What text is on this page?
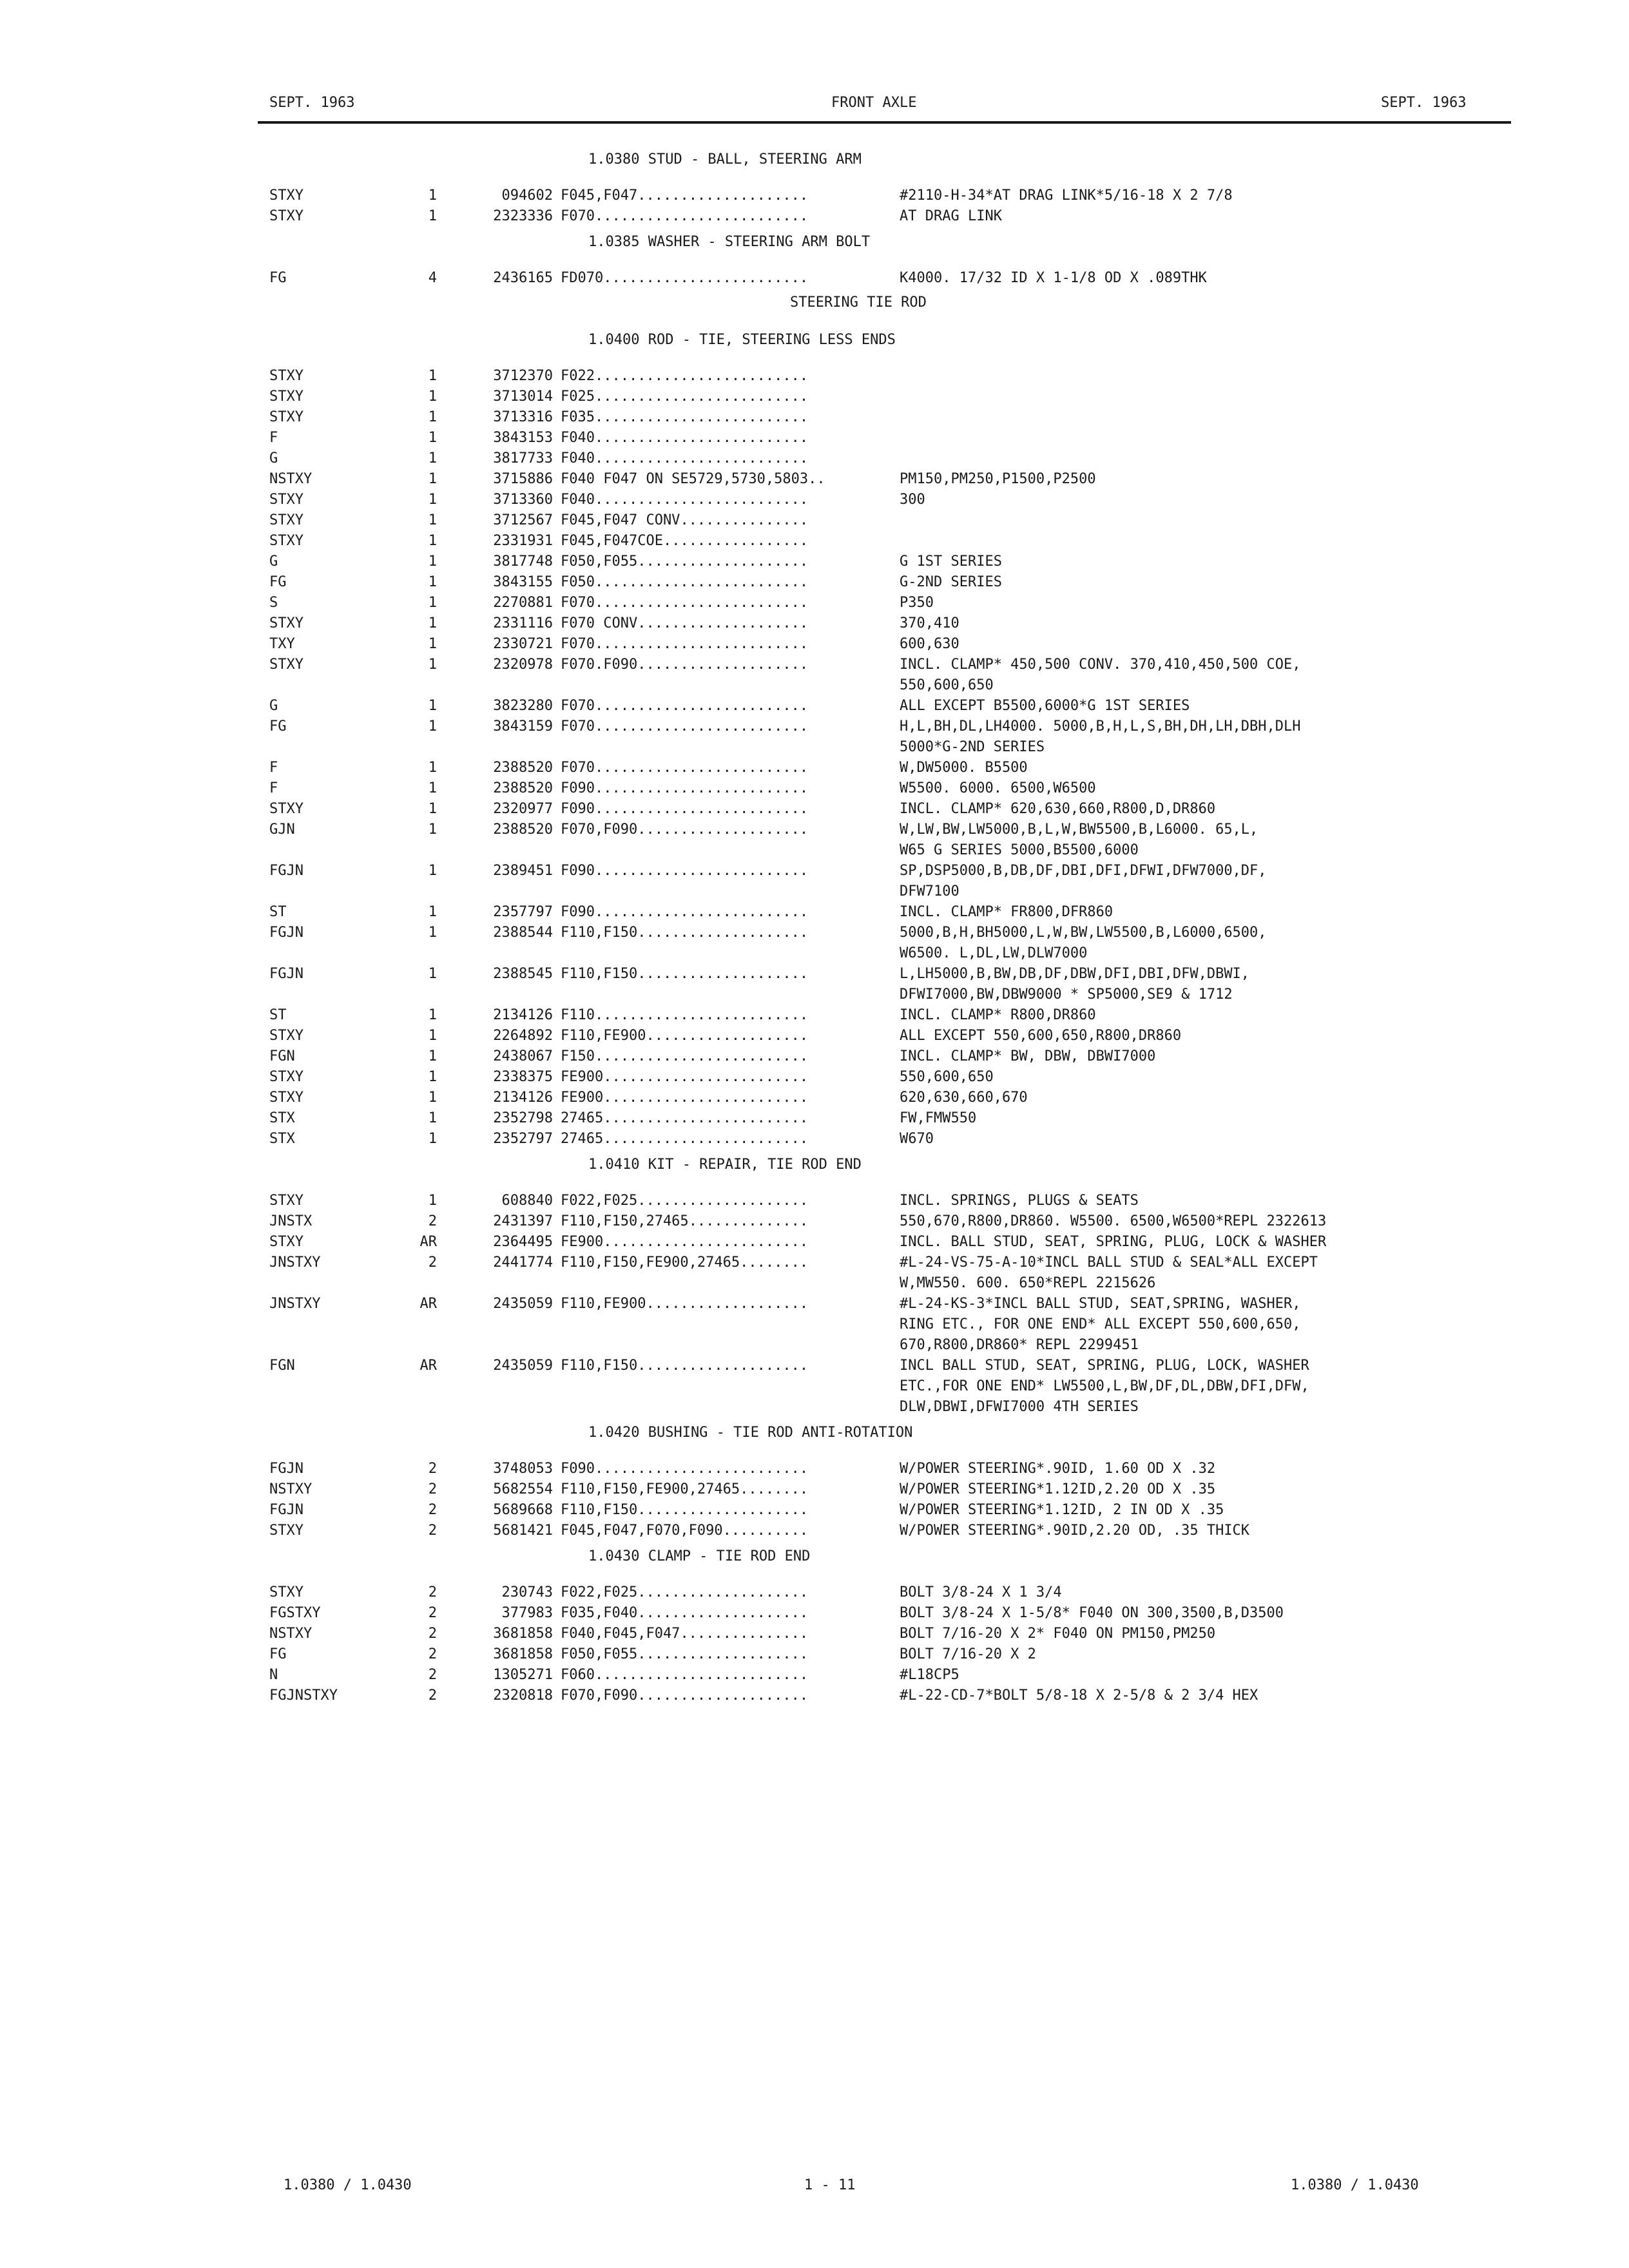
SEPT. 1963	FRONT AXLE	SEPT. 1963
1.0380 STUD - BALL, STEERING ARM
STXY	1	094602 F045,F047....................	#2110-H-34*AT DRAG LINK*5/16-18 X 2 7/8
STXY	1	2323336 F070.........................	AT DRAG LINK
1.0385 WASHER - STEERING ARM BOLT
FG	4	2436165 FD070........................	K4000. 17/32 ID X 1-1/8 OD X .089THK
STEERING TIE ROD
1.0400 ROD - TIE, STEERING LESS ENDS
STXY	1	3712370 F022.........................
STXY	1	3713014 F025.........................
STXY	1	3713316 F035.........................
F	1	3843153 F040.........................
G	1	3817733 F040.........................
NSTXY	1	3715886 F040 F047 ON SE5729,5730,5803..	PM150,PM250,P1500,P2500
STXY	1	3713360 F040.........................	300
STXY	1	3712567 F045,F047 CONV...............
STXY	1	2331931 F045,F047COE.................
G	1	3817748 F050,F055....................	G 1ST SERIES
FG	1	3843155 F050.........................	G-2ND SERIES
S	1	2270881 F070.........................	P350
STXY	1	2331116 F070 CONV....................	370,410
TXY	1	2330721 F070.........................	600,630
STXY	1	2320978 F070.F090....................	INCL. CLAMP* 450,500 CONV. 370,410,450,500 COE,
550,600,650
G	1	3823280 F070.........................	ALL EXCEPT B5500,6000*G 1ST SERIES
FG	1	3843159 F070.........................	H,L,BH,DL,LH4000. 5000,B,H,L,S,BH,DH,LH,DBH,DLH
5000*G-2ND SERIES
F	1	2388520 F070.........................	W,DW5000. B5500
F	1	2388520 F090.........................	W5500. 6000. 6500,W6500
STXY	1	2320977 F090.........................	INCL. CLAMP* 620,630,660,R800,D,DR860
GJN	1	2388520 F070,F090....................	W,LW,BW,LW5000,B,L,W,BW5500,B,L6000. 65,L,
W65 G SERIES 5000,B5500,6000
FGJN	1	2389451 F090.........................	SP,DSP5000,B,DB,DF,DBI,DFI,DFWI,DFW7000,DF,
DFW7100
ST	1	2357797 F090.........................	INCL. CLAMP* FR800,DFR860
FGJN	1	2388544 F110,F150....................	5000,B,H,BH5000,L,W,BW,LW5500,B,L6000,6500,
W6500. L,DL,LW,DLW7000
FGJN	1	2388545 F110,F150....................	L,LH5000,B,BW,DB,DF,DBW,DFI,DBI,DFW,DBWI,
DFWI7000,BW,DBW9000 * SP5000,SE9 & 1712
ST	1	2134126 F110.........................	INCL. CLAMP* R800,DR860
STXY	1	2264892 F110,FE900...................	ALL EXCEPT 550,600,650,R800,DR860
FGN	1	2438067 F150.........................	INCL. CLAMP* BW, DBW, DBWI7000
STXY	1	2338375 FE900........................	550,600,650
STXY	1	2134126 FE900........................	620,630,660,670
STX	1	2352798 27465........................	FW,FMW550
STX	1	2352797 27465........................	W670
1.0410 KIT - REPAIR, TIE ROD END
STXY	1	608840 F022,F025....................	INCL. SPRINGS, PLUGS & SEATS
JNSTX	2	2431397 F110,F150,27465..............	550,670,R800,DR860. W5500. 6500,W6500*REPL 2322613
STXY	AR	2364495 FE900........................	INCL. BALL STUD, SEAT, SPRING, PLUG, LOCK & WASHER
JNSTXY	2	2441774 F110,F150,FE900,27465........	#L-24-VS-75-A-10*INCL BALL STUD & SEAL*ALL EXCEPT
W,MW550. 600. 650*REPL 2215626
JNSTXY	AR	2435059 F110,FE900...................	#L-24-KS-3*INCL BALL STUD, SEAT,SPRING, WASHER,
RING ETC., FOR ONE END* ALL EXCEPT 550,600,650,
670,R800,DR860* REPL 2299451
FGN	AR	2435059 F110,F150....................	INCL BALL STUD, SEAT, SPRING, PLUG, LOCK, WASHER
ETC.,FOR ONE END* LW5500,L,BW,DF,DL,DBW,DFI,DFW,
DLW,DBWI,DFWI7000 4TH SERIES
1.0420 BUSHING - TIE ROD ANTI-ROTATION
FGJN	2	3748053 F090.........................	W/POWER STEERING*.90ID, 1.60 OD X .32
NSTXY	2	5682554 F110,F150,FE900,27465........	W/POWER STEERING*1.12ID,2.20 OD X .35
FGJN	2	5689668 F110,F150....................	W/POWER STEERING*1.12ID, 2 IN OD X .35
STXY	2	5681421 F045,F047,F070,F090..........	W/POWER STEERING*.90ID,2.20 OD, .35 THICK
1.0430 CLAMP - TIE ROD END
STXY	2	230743 F022,F025....................	BOLT 3/8-24 X 1 3/4
FGSTXY	2	377983 F035,F040....................	BOLT 3/8-24 X 1-5/8* F040 ON 300,3500,B,D3500
NSTXY	2	3681858 F040,F045,F047...............	BOLT 7/16-20 X 2* F040 ON PM150,PM250
FG	2	3681858 F050,F055....................	BOLT 7/16-20 X 2
N	2	1305271 F060.........................	#L18CP5
FGJNSTXY	2	2320818 F070,F090....................	#L-22-CD-7*BOLT 5/8-18 X 2-5/8 & 2 3/4 HEX
1.0380 / 1.0430	1 - 11	1.0380 / 1.0430
